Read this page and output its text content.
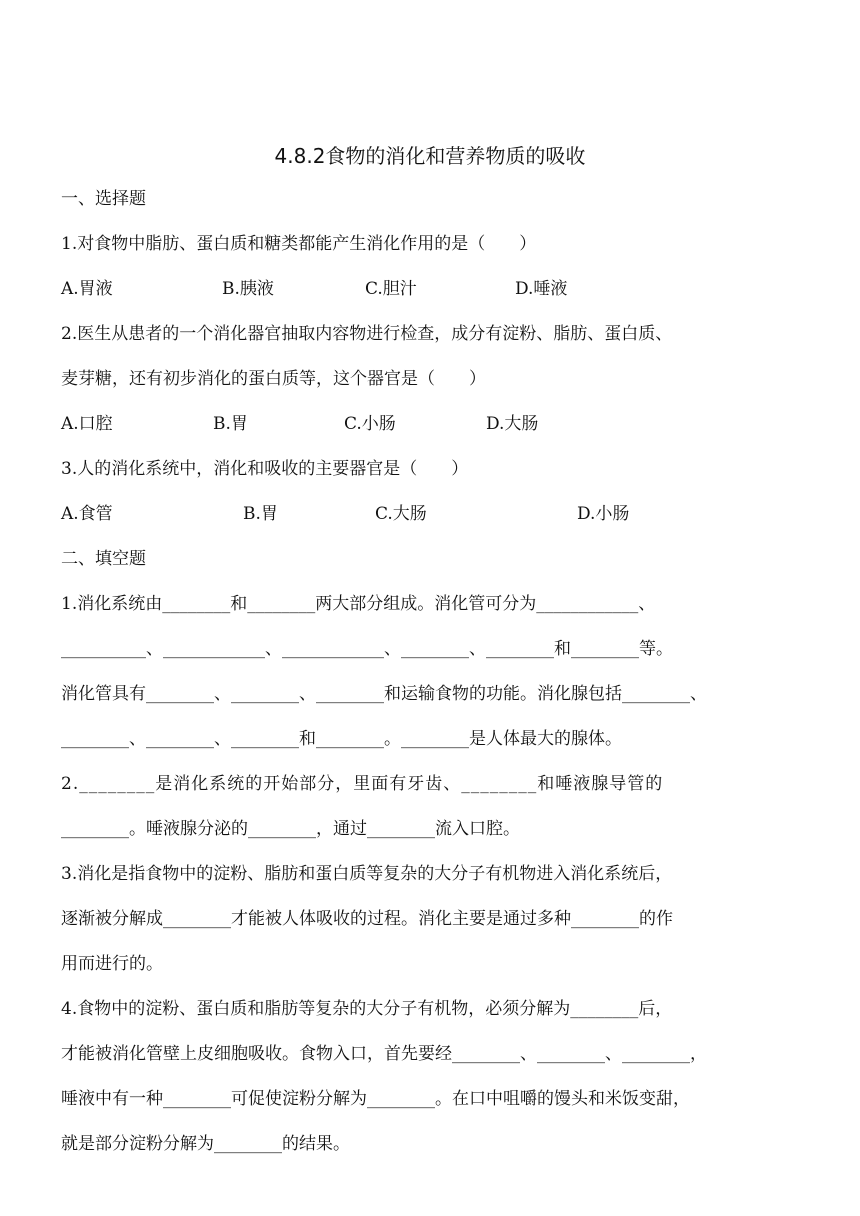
4.8.2食物的消化和营养物质的吸收
一、选择题
1.对食物中脂肪、蛋白质和糖类都能产生消化作用的是（　　）
A.胃液	B.胰液	C.胆汁	D.唾液
2.医生从患者的一个消化器官抽取内容物进行检查，成分有淀粉、脂肪、蛋白质、
麦芽糖，还有初步消化的蛋白质等，这个器官是（　　）
A.口腔	B.胃	C.小肠	D.大肠
3.人的消化系统中，消化和吸收的主要器官是（　　）
A.食管	B.胃	C.大肠	D.小肠
二、填空题
1.消化系统由________和________两大部分组成。消化管可分为____________、
__________、____________、____________、________、________和________等。
消化管具有________、________、________和运输食物的功能。消化腺包括________、
________、________、________和________。________是人体最大的腺体。
2.________是消化系统的开始部分，里面有牙齿、________和唾液腺导管的
________。唾液腺分泌的________，通过________流入口腔。
3.消化是指食物中的淀粉、脂肪和蛋白质等复杂的大分子有机物进入消化系统后，
逐渐被分解成________才能被人体吸收的过程。消化主要是通过多种________的作
用而进行的。
4.食物中的淀粉、蛋白质和脂肪等复杂的大分子有机物，必须分解为________后，
才能被消化管壁上皮细胞吸收。食物入口，首先要经________、________、________，
唾液中有一种________可促使淀粉分解为________。在口中咀嚼的馒头和米饭变甜，
就是部分淀粉分解为________的结果。
